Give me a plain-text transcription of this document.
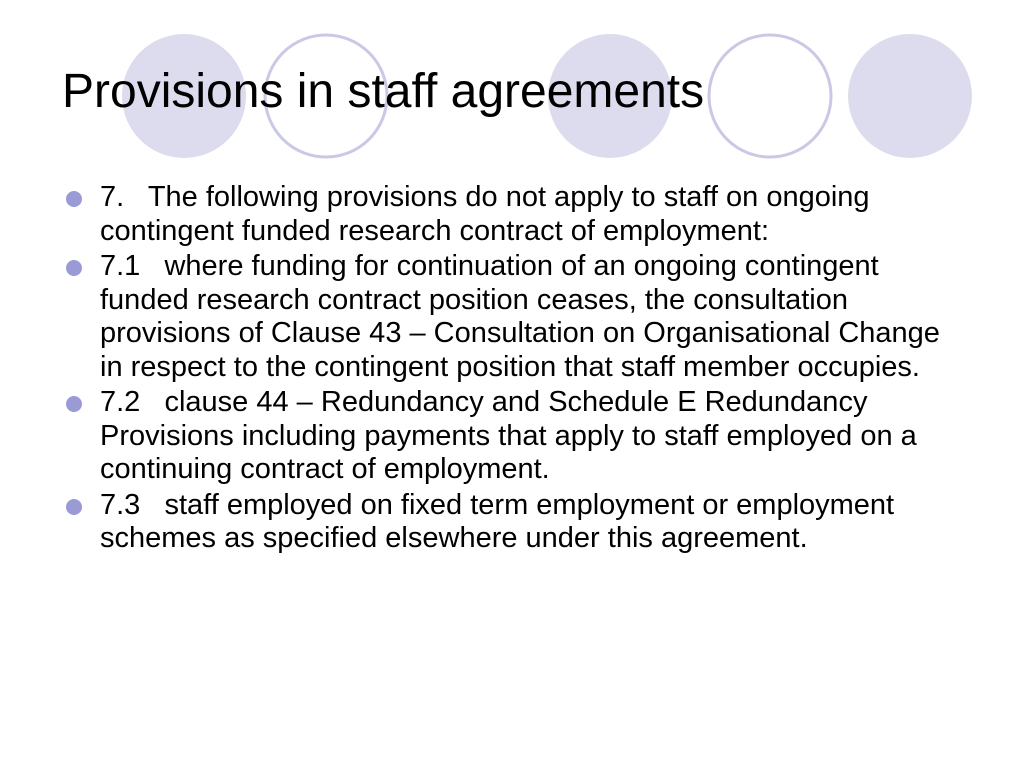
Provisions in staff agreements
7.   The following provisions do not apply to staff on ongoing contingent funded research contract of employment:
7.1   where funding for continuation of an ongoing contingent funded research contract position ceases, the consultation provisions of Clause 43 – Consultation on Organisational Change in respect to the contingent position that staff member occupies.
7.2   clause 44 – Redundancy and Schedule E Redundancy Provisions including payments that apply to staff employed on a continuing contract of employment.
7.3   staff employed on fixed term employment or employment schemes as specified elsewhere under this agreement.
